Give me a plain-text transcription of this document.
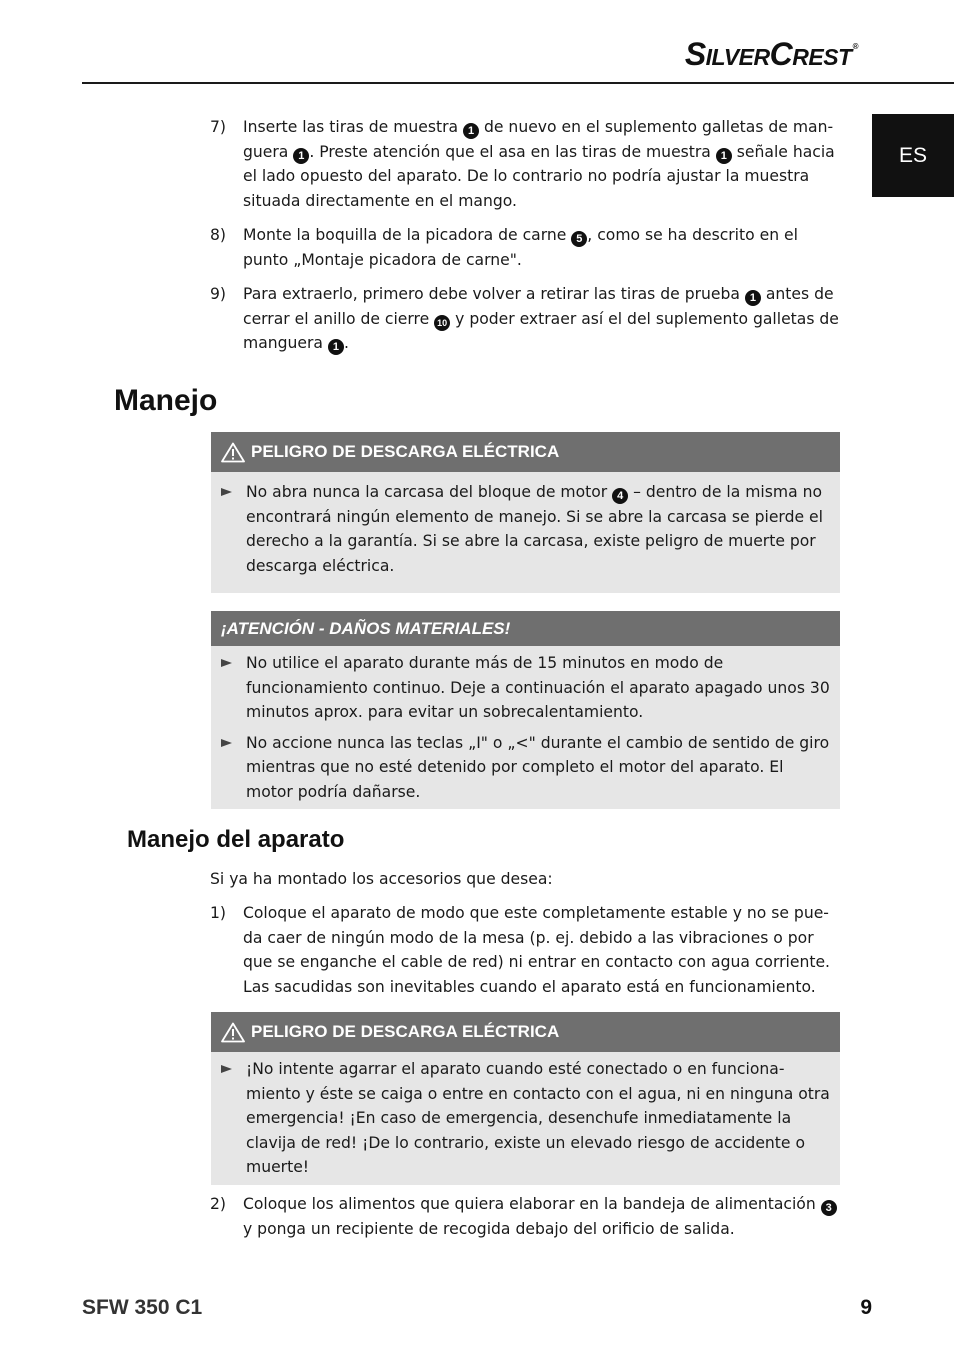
SILVERCREST®
ES
7) Inserte las tiras de muestra 1 de nuevo en el suplemento galletas de man-guera 1 . Preste atención que el asa en las tiras de muestra 1 señale hacia el lado opuesto del aparato. De lo contrario no podría ajustar la muestra situada directamente en el mango.
8) Monte la boquilla de la picadora de carne 5 , como se ha descrito en el punto „Montaje picadora de carne".
9) Para extraerlo, primero debe volver a retirar las tiras de prueba 1 antes de cerrar el anillo de cierre 10 y poder extraer así el del suplemento galletas de manguera 1 .
Manejo
PELIGRO DE DESCARGA ELÉCTRICA
No abra nunca la carcasa del bloque de motor 4 – dentro de la misma no encontrará ningún elemento de manejo. Si se abre la carcasa se pierde el derecho a la garantía. Si se abre la carcasa, existe peligro de muerte por descarga eléctrica.
¡ATENCIÓN - DAÑOS MATERIALES!
No utilice el aparato durante más de 15 minutos en modo de funcionamiento continuo. Deje a continuación el aparato apagado unos 30 minutos aprox. para evitar un sobrecalentamiento.
No accione nunca las teclas „I" o „<" durante el cambio de sentido de giro mientras que no esté detenido por completo el motor del aparato. El motor podría dañarse.
Manejo del aparato
Si ya ha montado los accesorios que desea:
1) Coloque el aparato de modo que este completamente estable y no se pue-da caer de ningún modo de la mesa (p. ej. debido a las vibraciones o por que se enganche el cable de red) ni entrar en contacto con agua corriente. Las sacudidas son inevitables cuando el aparato está en funcionamiento.
PELIGRO DE DESCARGA ELÉCTRICA
¡No intente agarrar el aparato cuando esté conectado o en funciona-miento y éste se caiga o entre en contacto con el agua, ni en ninguna otra emergencia! ¡En caso de emergencia, desenchufe inmediatamente la clavija de red! ¡De lo contrario, existe un elevado riesgo de accidente o muerte!
2) Coloque los alimentos que quiera elaborar en la bandeja de alimentación 3 y ponga un recipiente de recogida debajo del orificio de salida.
SFW 350 C1	9
